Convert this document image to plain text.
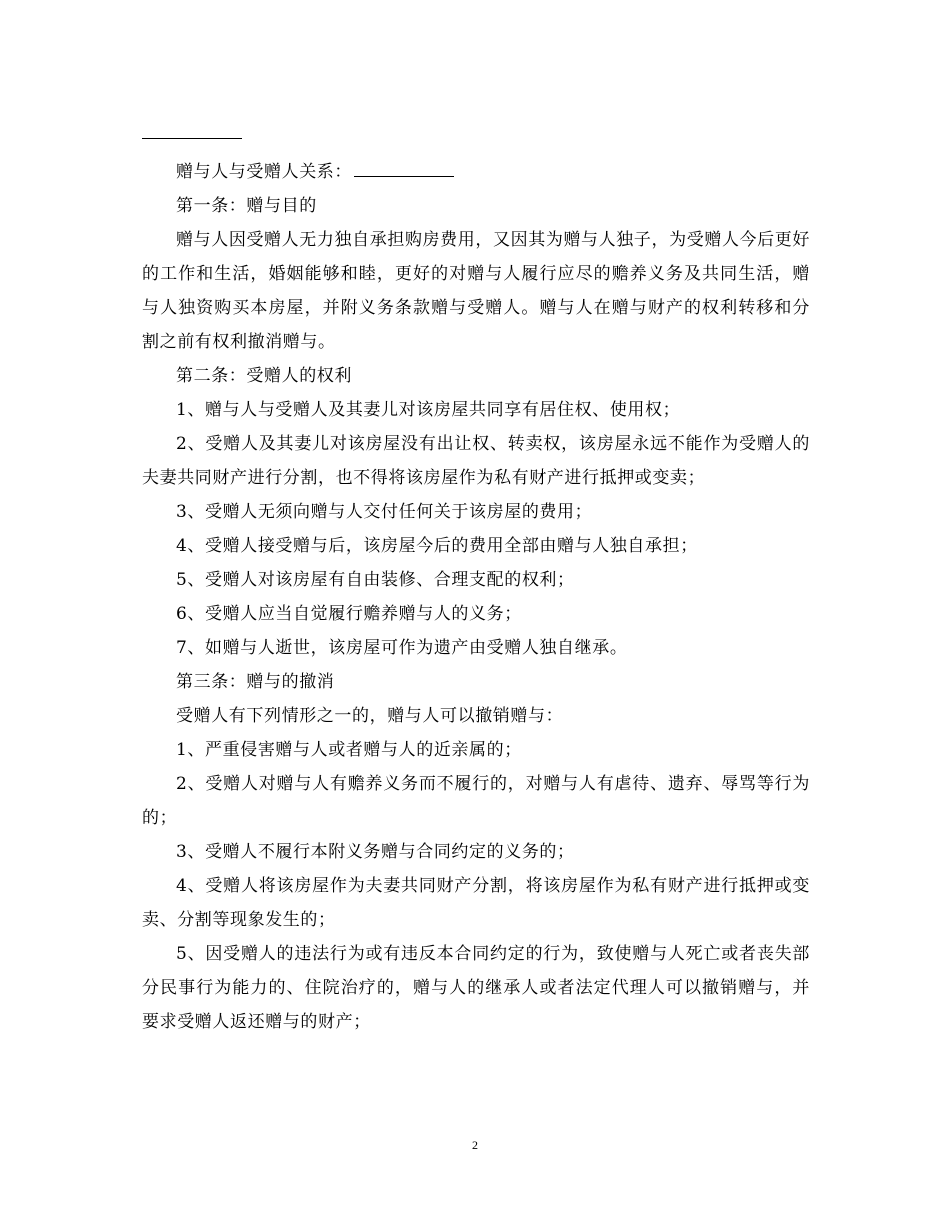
赠与人与受赠人关系：

第一条：赠与目的

赠与人因受赠人无力独自承担购房费用，又因其为赠与人独子，为受赠人今后更好的工作和生活，婚姻能够和睦，更好的对赠与人履行应尽的赡养义务及共同生活，赠与人独资购买本房屋，并附义务条款赠与受赠人。赠与人在赠与财产的权利转移和分割之前有权利撤消赠与。

第二条：受赠人的权利

1、赠与人与受赠人及其妻儿对该房屋共同享有居住权、使用权；

2、受赠人及其妻儿对该房屋没有出让权、转卖权，该房屋永远不能作为受赠人的夫妻共同财产进行分割，也不得将该房屋作为私有财产进行抵押或变卖；

3、受赠人无须向赠与人交付任何关于该房屋的费用；

4、受赠人接受赠与后，该房屋今后的费用全部由赠与人独自承担；

5、受赠人对该房屋有自由装修、合理支配的权利；

6、受赠人应当自觉履行赡养赠与人的义务；

7、如赠与人逝世，该房屋可作为遗产由受赠人独自继承。

第三条：赠与的撤消

受赠人有下列情形之一的，赠与人可以撤销赠与：

1、严重侵害赠与人或者赠与人的近亲属的；

2、受赠人对赠与人有赡养义务而不履行的，对赠与人有虐待、遗弃、辱骂等行为的；

3、受赠人不履行本附义务赠与合同约定的义务的；

4、受赠人将该房屋作为夫妻共同财产分割，将该房屋作为私有财产进行抵押或变卖、分割等现象发生的；

5、因受赠人的违法行为或有违反本合同约定的行为，致使赠与人死亡或者丧失部分民事行为能力的、住院治疗的，赠与人的继承人或者法定代理人可以撤销赠与，并要求受赠人返还赠与的财产；

2
